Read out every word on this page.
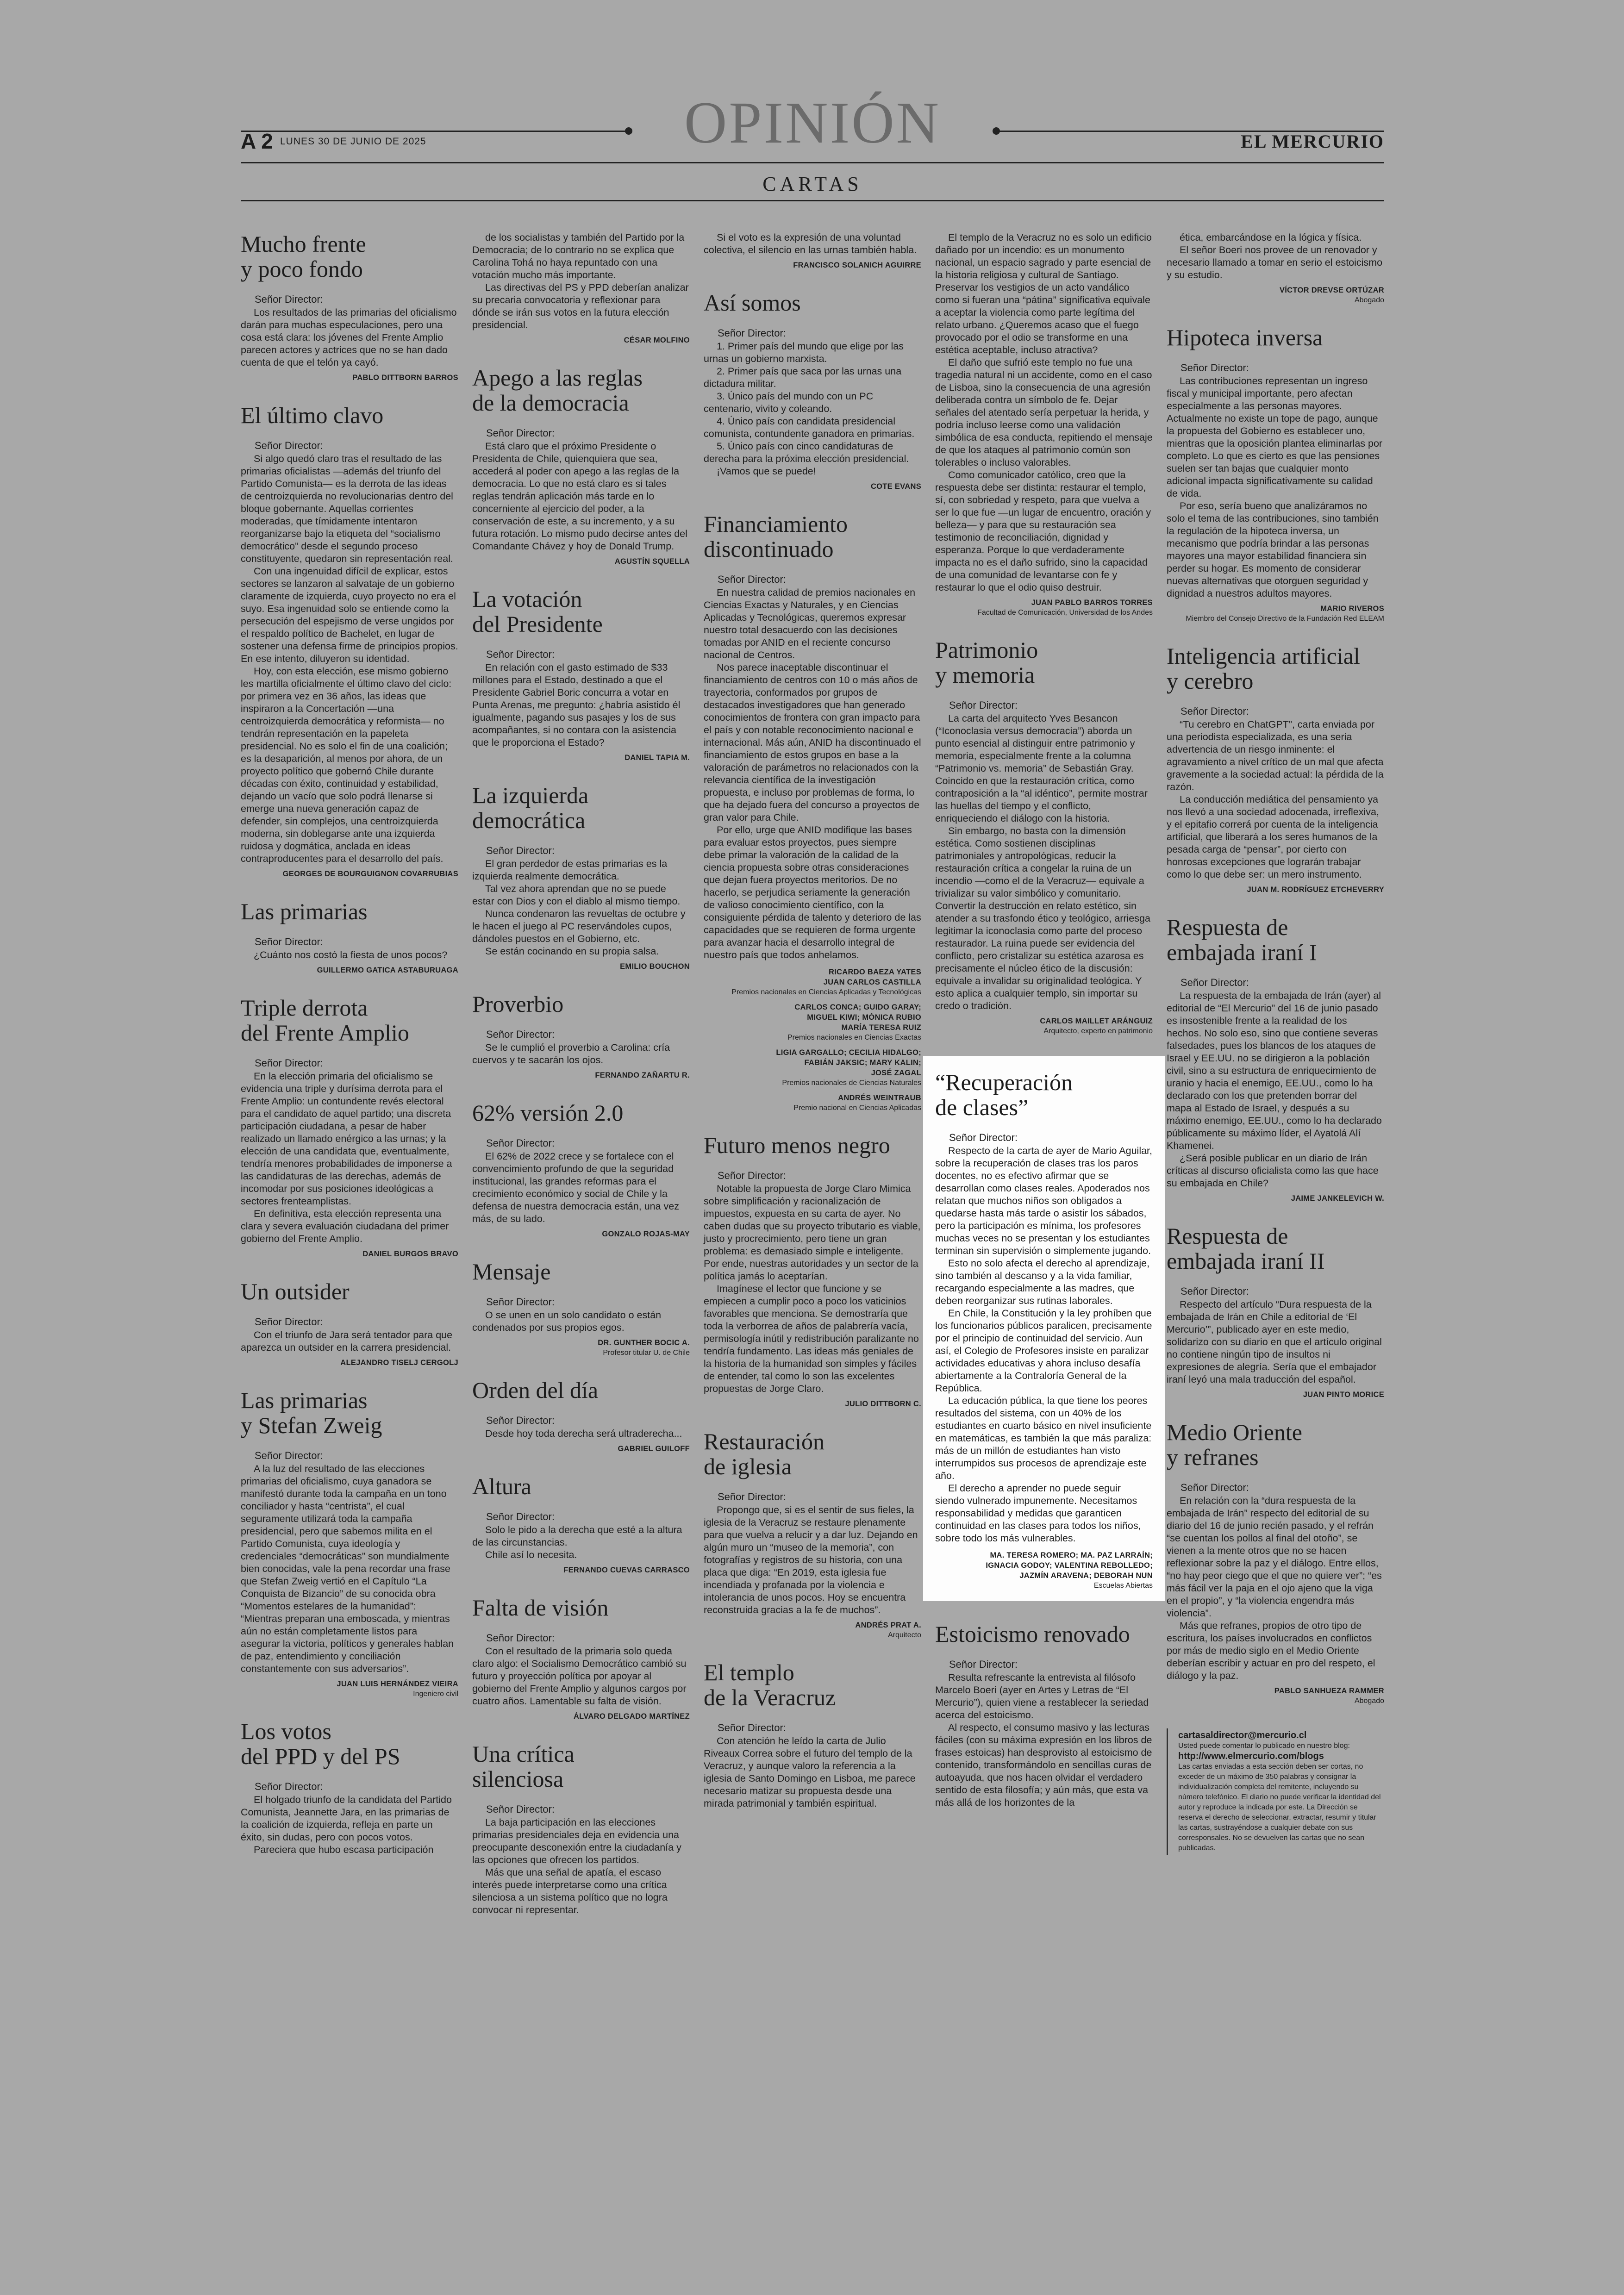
OPINIÓN
A 2 LUNES 30 DE JUNIO DE 2025	EL MERCURIO
CARTAS
Mucho frente
y poco fondo

Señor Director:

Los resultados de las primarias del oficialismo darán para muchas especulaciones, pero una cosa está clara: los jóvenes del Frente Amplio parecen actores y actrices que no se han dado cuenta de que el telón ya cayó.

PABLO DITTBORN BARROS
El último clavo

Señor Director:

Si algo quedó claro tras el resultado de las primarias oficialistas —además del triunfo del Partido Comunista— es la derrota de las ideas de centroizquierda no revolucionarias dentro del bloque gobernante. Aquellas corrientes moderadas, que tímidamente intentaron reorganizarse bajo la etiqueta del “socialismo democrático” desde el segundo proceso constituyente, quedaron sin representación real.

Con una ingenuidad difícil de explicar, estos sectores se lanzaron al salvataje de un gobierno claramente de izquierda, cuyo proyecto no era el suyo. Esa ingenuidad solo se entiende como la persecución del espejismo de verse ungidos por el respaldo político de Bachelet, en lugar de sostener una defensa firme de principios propios. En ese intento, diluyeron su identidad.

Hoy, con esta elección, ese mismo gobierno les martilla oficialmente el último clavo del ciclo: por primera vez en 36 años, las ideas que inspiraron a la Concertación —una centroizquierda democrática y reformista— no tendrán representación en la papeleta presidencial. No es solo el fin de una coalición; es la desaparición, al menos por ahora, de un proyecto político que gobernó Chile durante décadas con éxito, continuidad y estabilidad, dejando un vacío que solo podrá llenarse si emerge una nueva generación capaz de defender, sin complejos, una centroizquierda moderna, sin doblegarse ante una izquierda ruidosa y dogmática, anclada en ideas contraproducentes para el desarrollo del país.

GEORGES DE BOURGUIGNON COVARRUBIAS
Las primarias

Señor Director:

¿Cuánto nos costó la fiesta de unos pocos?

GUILLERMO GATICA ASTABURUAGA
Triple derrota
del Frente Amplio

Señor Director:

En la elección primaria del oficialismo se evidencia una triple y durísima derrota para el Frente Amplio: un contundente revés electoral para el candidato de aquel partido; una discreta participación ciudadana, a pesar de haber realizado un llamado enérgico a las urnas; y la elección de una candidata que, eventualmente, tendría menores probabilidades de imponerse a las candidaturas de las derechas, además de incomodar por sus posiciones ideológicas a sectores frenteamplistas.

En definitiva, esta elección representa una clara y severa evaluación ciudadana del primer gobierno del Frente Amplio.

DANIEL BURGOS BRAVO
Un outsider

Señor Director:

Con el triunfo de Jara será tentador para que aparezca un outsider en la carrera presidencial.

ALEJANDRO TISELJ CERGOLJ
Las primarias
y Stefan Zweig

Señor Director:

A la luz del resultado de las elecciones primarias del oficialismo, cuya ganadora se manifestó durante toda la campaña en un tono conciliador y hasta “centrista”, el cual seguramente utilizará toda la campaña presidencial, pero que sabemos milita en el Partido Comunista, cuya ideología y credenciales “democráticas” son mundialmente bien conocidas, vale la pena recordar una frase que Stefan Zweig vertió en el Capítulo “La Conquista de Bizancio” de su conocida obra “Momentos estelares de la humanidad”: “Mientras preparan una emboscada, y mientras aún no están completamente listos para asegurar la victoria, políticos y generales hablan de paz, entendimiento y conciliación constantemente con sus adversarios”.

JUAN LUIS HERNÁNDEZ VIEIRA
Ingeniero civil
Los votos
del PPD y del PS

Señor Director:

El holgado triunfo de la candidata del Partido Comunista, Jeannette Jara, en las primarias de la coalición de izquierda, refleja en parte un éxito, sin dudas, pero con pocos votos.

Pareciera que hubo escasa participación

de los socialistas y también del Partido por la Democracia; de lo contrario no se explica que Carolina Tohá no haya repuntado con una votación mucho más importante.

Las directivas del PS y PPD deberían analizar su precaria convocatoria y reflexionar para dónde se irán sus votos en la futura elección presidencial.

CÉSAR MOLFINO
Apego a las reglas
de la democracia

Señor Director:

Está claro que el próximo Presidente o Presidenta de Chile, quienquiera que sea, accederá al poder con apego a las reglas de la democracia. Lo que no está claro es si tales reglas tendrán aplicación más tarde en lo concerniente al ejercicio del poder, a la conservación de este, a su incremento, y a su futura rotación. Lo mismo pudo decirse antes del Comandante Chávez y hoy de Donald Trump.

AGUSTÍN SQUELLA
La votación
del Presidente

Señor Director:

En relación con el gasto estimado de $33 millones para el Estado, destinado a que el Presidente Gabriel Boric concurra a votar en Punta Arenas, me pregunto: ¿habría asistido él igualmente, pagando sus pasajes y los de sus acompañantes, si no contara con la asistencia que le proporciona el Estado?

DANIEL TAPIA M.
La izquierda
democrática

Señor Director:

El gran perdedor de estas primarias es la izquierda realmente democrática.

Tal vez ahora aprendan que no se puede estar con Dios y con el diablo al mismo tiempo.

Nunca condenaron las revueltas de octubre y le hacen el juego al PC reservándoles cupos, dándoles puestos en el Gobierno, etc.

Se están cocinando en su propia salsa.

EMILIO BOUCHON
Proverbio

Señor Director:

Se le cumplió el proverbio a Carolina: cría cuervos y te sacarán los ojos.

FERNANDO ZAÑARTU R.
62% versión 2.0

Señor Director:

El 62% de 2022 crece y se fortalece con el convencimiento profundo de que la seguridad institucional, las grandes reformas para el crecimiento económico y social de Chile y la defensa de nuestra democracia están, una vez más, de su lado.

GONZALO ROJAS-MAY
Mensaje

Señor Director:

O se unen en un solo candidato o están condenados por sus propios egos.

DR. GUNTHER BOCIC A.
Profesor titular U. de Chile
Orden del día

Señor Director:

Desde hoy toda derecha será ultraderecha...

GABRIEL GUILOFF
Altura

Señor Director:

Solo le pido a la derecha que esté a la altura de las circunstancias.

Chile así lo necesita.

FERNANDO CUEVAS CARRASCO
Falta de visión

Señor Director:

Con el resultado de la primaria solo queda claro algo: el Socialismo Democrático cambió su futuro y proyección política por apoyar al gobierno del Frente Amplio y algunos cargos por cuatro años. Lamentable su falta de visión.

ÁLVARO DELGADO MARTÍNEZ
Una crítica
silenciosa

Señor Director:

La baja participación en las elecciones primarias presidenciales deja en evidencia una preocupante desconexión entre la ciudadanía y las opciones que ofrecen los partidos.

Más que una señal de apatía, el escaso interés puede interpretarse como una crítica silenciosa a un sistema político que no logra convocar ni representar.

Si el voto es la expresión de una voluntad colectiva, el silencio en las urnas también habla.

FRANCISCO SOLANICH AGUIRRE
Así somos

Señor Director:

1. Primer país del mundo que elige por las urnas un gobierno marxista.

2. Primer país que saca por las urnas una dictadura militar.

3. Único país del mundo con un PC centenario, vivito y coleando.

4. Único país con candidata presidencial comunista, contundente ganadora en primarias.

5. Único país con cinco candidaturas de derecha para la próxima elección presidencial.

¡Vamos que se puede!

COTE EVANS
Financiamiento
discontinuado

Señor Director:

En nuestra calidad de premios nacionales en Ciencias Exactas y Naturales, y en Ciencias Aplicadas y Tecnológicas, queremos expresar nuestro total desacuerdo con las decisiones tomadas por ANID en el reciente concurso nacional de Centros.

Nos parece inaceptable discontinuar el financiamiento de centros con 10 o más años de trayectoria, conformados por grupos de destacados investigadores que han generado conocimientos de frontera con gran impacto para el país y con notable reconocimiento nacional e internacional. Más aún, ANID ha discontinuado el financiamiento de estos grupos en base a la valoración de parámetros no relacionados con la relevancia científica de la investigación propuesta, e incluso por problemas de forma, lo que ha dejado fuera del concurso a proyectos de gran valor para Chile.

Por ello, urge que ANID modifique las bases para evaluar estos proyectos, pues siempre debe primar la valoración de la calidad de la ciencia propuesta sobre otras consideraciones que dejan fuera proyectos meritorios. De no hacerlo, se perjudica seriamente la generación de valioso conocimiento científico, con la consiguiente pérdida de talento y deterioro de las capacidades que se requieren de forma urgente para avanzar hacia el desarrollo integral de nuestro país que todos anhelamos.

RICARDO BAEZA YATES
JUAN CARLOS CASTILLA
Premios nacionales en Ciencias Aplicadas y Tecnológicas
CARLOS CONCA; GUIDO GARAY;
MIGUEL KIWI; MÓNICA RUBIO
MARÍA TERESA RUIZ
Premios nacionales en Ciencias Exactas
LIGIA GARGALLO; CECILIA HIDALGO;
FABIÁN JAKSIC; MARY KALIN;
JOSÉ ZAGAL
Premios nacionales de Ciencias Naturales
ANDRÉS WEINTRAUB
Premio nacional en Ciencias Aplicadas
Futuro menos negro

Señor Director:

Notable la propuesta de Jorge Claro Mimica sobre simplificación y racionalización de impuestos, expuesta en su carta de ayer. No caben dudas que su proyecto tributario es viable, justo y procrecimiento, pero tiene un gran problema: es demasiado simple e inteligente. Por ende, nuestras autoridades y un sector de la política jamás lo aceptarían.

Imagínese el lector que funcione y se empiecen a cumplir poco a poco los vaticinios favorables que menciona. Se demostraría que toda la verborrea de años de palabrería vacía, permisología inútil y redistribución paralizante no tendría fundamento. Las ideas más geniales de la historia de la humanidad son simples y fáciles de entender, tal como lo son las excelentes propuestas de Jorge Claro.

JULIO DITTBORN C.
Restauración
de iglesia

Señor Director:

Propongo que, si es el sentir de sus fieles, la iglesia de la Veracruz se restaure plenamente para que vuelva a relucir y a dar luz. Dejando en algún muro un “museo de la memoria”, con fotografías y registros de su historia, con una placa que diga: “En 2019, esta iglesia fue incendiada y profanada por la violencia e intolerancia de unos pocos. Hoy se encuentra reconstruida gracias a la fe de muchos”.

ANDRÉS PRAT A.
Arquitecto
El templo
de la Veracruz

Señor Director:

Con atención he leído la carta de Julio Riveaux Correa sobre el futuro del templo de la Veracruz, y aunque valoro la referencia a la iglesia de Santo Domingo en Lisboa, me parece necesario matizar su propuesta desde una mirada patrimonial y también espiritual.

El templo de la Veracruz no es solo un edificio dañado por un incendio: es un monumento nacional, un espacio sagrado y parte esencial de la historia religiosa y cultural de Santiago. Preservar los vestigios de un acto vandálico como si fueran una “pátina” significativa equivale a aceptar la violencia como parte legítima del relato urbano. ¿Queremos acaso que el fuego provocado por el odio se transforme en una estética aceptable, incluso atractiva?

El daño que sufrió este templo no fue una tragedia natural ni un accidente, como en el caso de Lisboa, sino la consecuencia de una agresión deliberada contra un símbolo de fe. Dejar señales del atentado sería perpetuar la herida, y podría incluso leerse como una validación simbólica de esa conducta, repitiendo el mensaje de que los ataques al patrimonio común son tolerables o incluso valorables.

Como comunicador católico, creo que la respuesta debe ser distinta: restaurar el templo, sí, con sobriedad y respeto, para que vuelva a ser lo que fue —un lugar de encuentro, oración y belleza— y para que su restauración sea testimonio de reconciliación, dignidad y esperanza. Porque lo que verdaderamente impacta no es el daño sufrido, sino la capacidad de una comunidad de levantarse con fe y restaurar lo que el odio quiso destruir.

JUAN PABLO BARROS TORRES
Facultad de Comunicación, Universidad de los Andes
Patrimonio
y memoria

Señor Director:

La carta del arquitecto Yves Besancon (“Iconoclasia versus democracia”) aborda un punto esencial al distinguir entre patrimonio y memoria, especialmente frente a la columna “Patrimonio vs. memoria” de Sebastián Gray. Coincido en que la restauración crítica, como contraposición a la “al idéntico”, permite mostrar las huellas del tiempo y el conflicto, enriqueciendo el diálogo con la historia.

Sin embargo, no basta con la dimensión estética. Como sostienen disciplinas patrimoniales y antropológicas, reducir la restauración crítica a congelar la ruina de un incendio —como el de la Veracruz— equivale a trivializar su valor simbólico y comunitario. Convertir la destrucción en relato estético, sin atender a su trasfondo ético y teológico, arriesga legitimar la iconoclasia como parte del proceso restaurador. La ruina puede ser evidencia del conflicto, pero cristalizar su estética azarosa es precisamente el núcleo ético de la discusión: equivale a invalidar su originalidad teológica. Y esto aplica a cualquier templo, sin importar su credo o tradición.

CARLOS MAILLET ARÁNGUIZ
Arquitecto, experto en patrimonio
“Recuperación
de clases”

Señor Director:

Respecto de la carta de ayer de Mario Aguilar, sobre la recuperación de clases tras los paros docentes, no es efectivo afirmar que se desarrollan como clases reales. Apoderados nos relatan que muchos niños son obligados a quedarse hasta más tarde o asistir los sábados, pero la participación es mínima, los profesores muchas veces no se presentan y los estudiantes terminan sin supervisión o simplemente jugando.

Esto no solo afecta el derecho al aprendizaje, sino también al descanso y a la vida familiar, recargando especialmente a las madres, que deben reorganizar sus rutinas laborales.

En Chile, la Constitución y la ley prohíben que los funcionarios públicos paralicen, precisamente por el principio de continuidad del servicio. Aun así, el Colegio de Profesores insiste en paralizar actividades educativas y ahora incluso desafía abiertamente a la Contraloría General de la República.

La educación pública, la que tiene los peores resultados del sistema, con un 40% de los estudiantes en cuarto básico en nivel insuficiente en matemáticas, es también la que más paraliza: más de un millón de estudiantes han visto interrumpidos sus procesos de aprendizaje este año.

El derecho a aprender no puede seguir siendo vulnerado impunemente. Necesitamos responsabilidad y medidas que garanticen continuidad en las clases para todos los niños, sobre todo los más vulnerables.

MA. TERESA ROMERO; MA. PAZ LARRAÍN;
IGNACIA GODOY; VALENTINA REBOLLEDO;
JAZMÍN ARAVENA; DEBORAH NUN
Escuelas Abiertas
Estoicismo renovado

Señor Director:

Resulta refrescante la entrevista al filósofo Marcelo Boeri (ayer en Artes y Letras de “El Mercurio”), quien viene a restablecer la seriedad acerca del estoicismo.

Al respecto, el consumo masivo y las lecturas fáciles (con su máxima expresión en los libros de frases estoicas) han desprovisto al estoicismo de contenido, transformándolo en sencillas curas de autoayuda, que nos hacen olvidar el verdadero sentido de esta filosofía; y aún más, que esta va más allá de los horizontes de la

ética, embarcándose en la lógica y física.

El señor Boeri nos provee de un renovador y necesario llamado a tomar en serio el estoicismo y su estudio.

VÍCTOR DREVSE ORTÚZAR
Abogado
Hipoteca inversa

Señor Director:

Las contribuciones representan un ingreso fiscal y municipal importante, pero afectan especialmente a las personas mayores. Actualmente no existe un tope de pago, aunque la propuesta del Gobierno es establecer uno, mientras que la oposición plantea eliminarlas por completo. Lo que es cierto es que las pensiones suelen ser tan bajas que cualquier monto adicional impacta significativamente su calidad de vida.

Por eso, sería bueno que analizáramos no solo el tema de las contribuciones, sino también la regulación de la hipoteca inversa, un mecanismo que podría brindar a las personas mayores una mayor estabilidad financiera sin perder su hogar. Es momento de considerar nuevas alternativas que otorguen seguridad y dignidad a nuestros adultos mayores.

MARIO RIVEROS
Miembro del Consejo Directivo de la Fundación Red ELEAM
Inteligencia artificial
y cerebro

Señor Director:

“Tu cerebro en ChatGPT”, carta enviada por una periodista especializada, es una seria advertencia de un riesgo inminente: el agravamiento a nivel crítico de un mal que afecta gravemente a la sociedad actual: la pérdida de la razón.

La conducción mediática del pensamiento ya nos llevó a una sociedad adocenada, irreflexiva, y el epitafio correrá por cuenta de la inteligencia artificial, que liberará a los seres humanos de la pesada carga de “pensar”, por cierto con honrosas excepciones que lograrán trabajar como lo que debe ser: un mero instrumento.

JUAN M. RODRÍGUEZ ETCHEVERRY
Respuesta de
embajada iraní I

Señor Director:

La respuesta de la embajada de Irán (ayer) al editorial de “El Mercurio” del 16 de junio pasado es insostenible frente a la realidad de los hechos. No solo eso, sino que contiene severas falsedades, pues los blancos de los ataques de Israel y EE.UU. no se dirigieron a la población civil, sino a su estructura de enriquecimiento de uranio y hacia el enemigo, EE.UU., como lo ha declarado con los que pretenden borrar del mapa al Estado de Israel, y después a su máximo enemigo, EE.UU., como lo ha declarado públicamente su máximo líder, el Ayatolá Alí Khamenei.

¿Será posible publicar en un diario de Irán críticas al discurso oficialista como las que hace su embajada en Chile?

JAIME JANKELEVICH W.
Respuesta de
embajada iraní II

Señor Director:

Respecto del artículo “Dura respuesta de la embajada de Irán en Chile a editorial de ‘El Mercurio’”, publicado ayer en este medio, solidarizo con su diario en que el artículo original no contiene ningún tipo de insultos ni expresiones de alegría. Sería que el embajador iraní leyó una mala traducción del español.

JUAN PINTO MORICE
Medio Oriente
y refranes

Señor Director:

En relación con la “dura respuesta de la embajada de Irán” respecto del editorial de su diario del 16 de junio recién pasado, y el refrán “se cuentan los pollos al final del otoño”, se vienen a la mente otros que no se hacen reflexionar sobre la paz y el diálogo. Entre ellos, “no hay peor ciego que el que no quiere ver”; “es más fácil ver la paja en el ojo ajeno que la viga en el propio”, y “la violencia engendra más violencia”.

Más que refranes, propios de otro tipo de escritura, los países involucrados en conflictos por más de medio siglo en el Medio Oriente deberían escribir y actuar en pro del respeto, el diálogo y la paz.

PABLO SANHUEZA RAMMER
Abogado
cartasaldirector@mercurio.cl
Usted puede comentar lo publicado en nuestro blog:
http://www.elmercurio.com/blogs
Las cartas enviadas a esta sección deben ser cortas, no exceder de un máximo de 350 palabras y consignar la individualización completa del remitente, incluyendo su número telefónico. El diario no puede verificar la identidad del autor y reproduce la indicada por este. La Dirección se reserva el derecho de seleccionar, extractar, resumir y titular las cartas, sustrayéndose a cualquier debate con sus corresponsales. No se devuelven las cartas que no sean publicadas.
